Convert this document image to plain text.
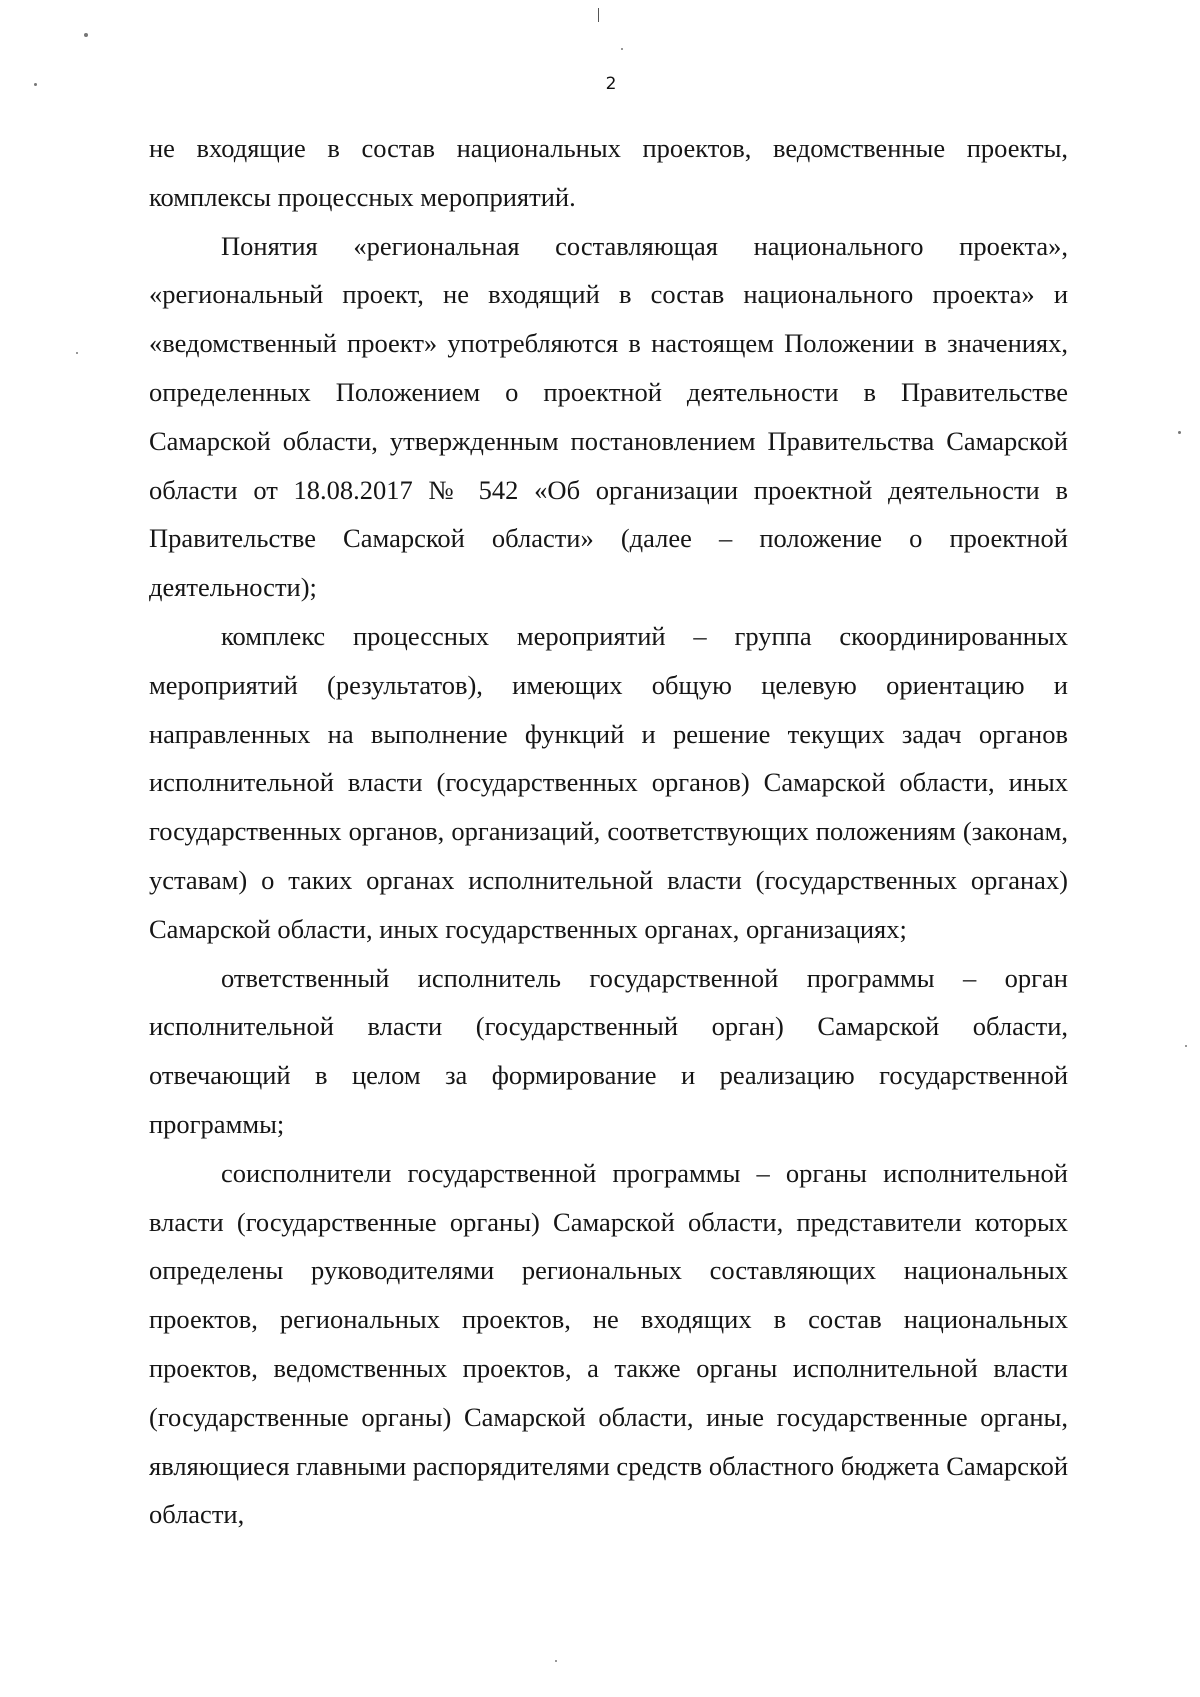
2

не входящие в состав национальных проектов, ведомственные проекты, комплексы процессных мероприятий.

Понятия «региональная составляющая национального проекта», «региональный проект, не входящий в состав национального проекта» и «ведомственный проект» употребляются в настоящем Положении в значениях, определенных Положением о проектной деятельности в Правительстве Самарской области, утвержденным постановлением Правительства Самарской области от 18.08.2017 № 542 «Об организации проектной деятельности в Правительстве Самарской области» (далее – положение о проектной деятельности);

комплекс процессных мероприятий – группа скоординированных мероприятий (результатов), имеющих общую целевую ориентацию и направленных на выполнение функций и решение текущих задач органов исполнительной власти (государственных органов) Самарской области, иных государственных органов, организаций, соответствующих положениям (законам, уставам) о таких органах исполнительной власти (государственных органах) Самарской области, иных государственных органах, организациях;

ответственный исполнитель государственной программы – орган исполнительной власти (государственный орган) Самарской области, отвечающий в целом за формирование и реализацию государственной программы;

соисполнители государственной программы – органы исполнительной власти (государственные органы) Самарской области, представители которых определены руководителями региональных составляющих национальных проектов, региональных проектов, не входящих в состав национальных проектов, ведомственных проектов, а также органы исполнительной власти (государственные органы) Самарской области, иные государственные органы, являющиеся главными распорядителями средств областного бюджета Самарской области,
